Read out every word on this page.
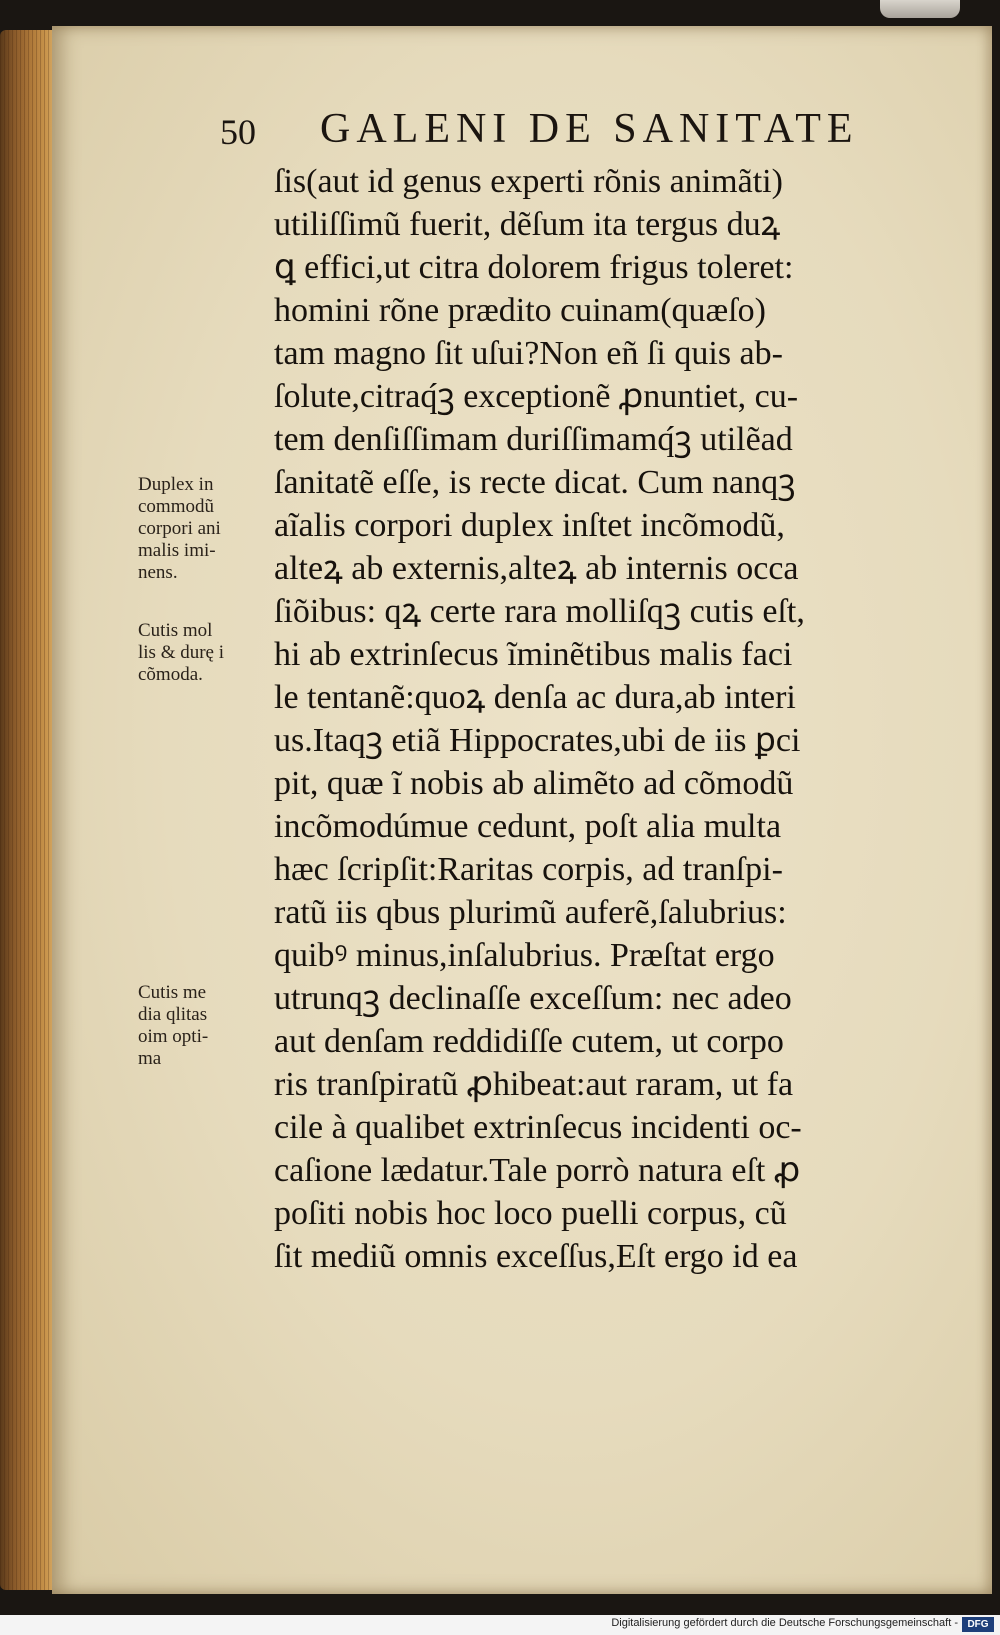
50 GALENI DE SANITATE
ſis(aut id genus experti rõnis animãti)
utiliſſimũ fuerit, dẽſum ita tergus duꝝ
ꝗ effici,ut citra dolorem frigus toleret:
homini rõne prædito cuinam(quæſo)
tam magno ſit uſui?Non eñ ſi quis ab-
ſolute,citraq́ꝫ exceptionẽ ꝓnuntiet, cu-
tem denſiſſimam duriſſimamq́ꝫ utilẽad
ſanitatẽ eſſe, is recte dicat. Cum nanqꝫ
aĩalis corpori duplex inſtet incõmodũ,
alteꝝ ab externis,alteꝝ ab internis occa
ſiõibus: qꝝ certe rara molliſqꝫ cutis eſt,
hi ab extrinſecus ĩminẽtibus malis faci
le tentanẽ:quoꝝ denſa ac dura,ab interi
us.Itaqꝫ etiã Hippocrates,ubi de iis ꝑci
pit, quæ ĩ nobis ab alimẽto ad cõmodũ
incõmodúmue cedunt, poſt alia multa
hæc ſcripſit:Raritas corpis, ad tranſpi-
ratũ iis qbus plurimũ auferẽ,ſalubrius:
quibꝰ minus,inſalubrius. Præſtat ergo
utrunqꝫ declinaſſe exceſſum: nec adeo
aut denſam reddidiſſe cutem, ut corpo
ris tranſpiratũ ꝓhibeat:aut raram, ut fa
cile à qualibet extrinſecus incidenti oc-
caſione lædatur.Tale porrò natura eſt ꝓ
poſiti nobis hoc loco puelli corpus, cũ
ſit mediũ omnis exceſſus,Eſt ergo id ea
Duplex in
commodũ
corpori ani
malis imi-
nens.
Cutis mol
lis & durę i
cõmoda.
Cutis me
dia qlitas
oim opti-
ma
Digitalisierung gefördert durch die Deutsche Forschungsgemeinschaft - DFG
